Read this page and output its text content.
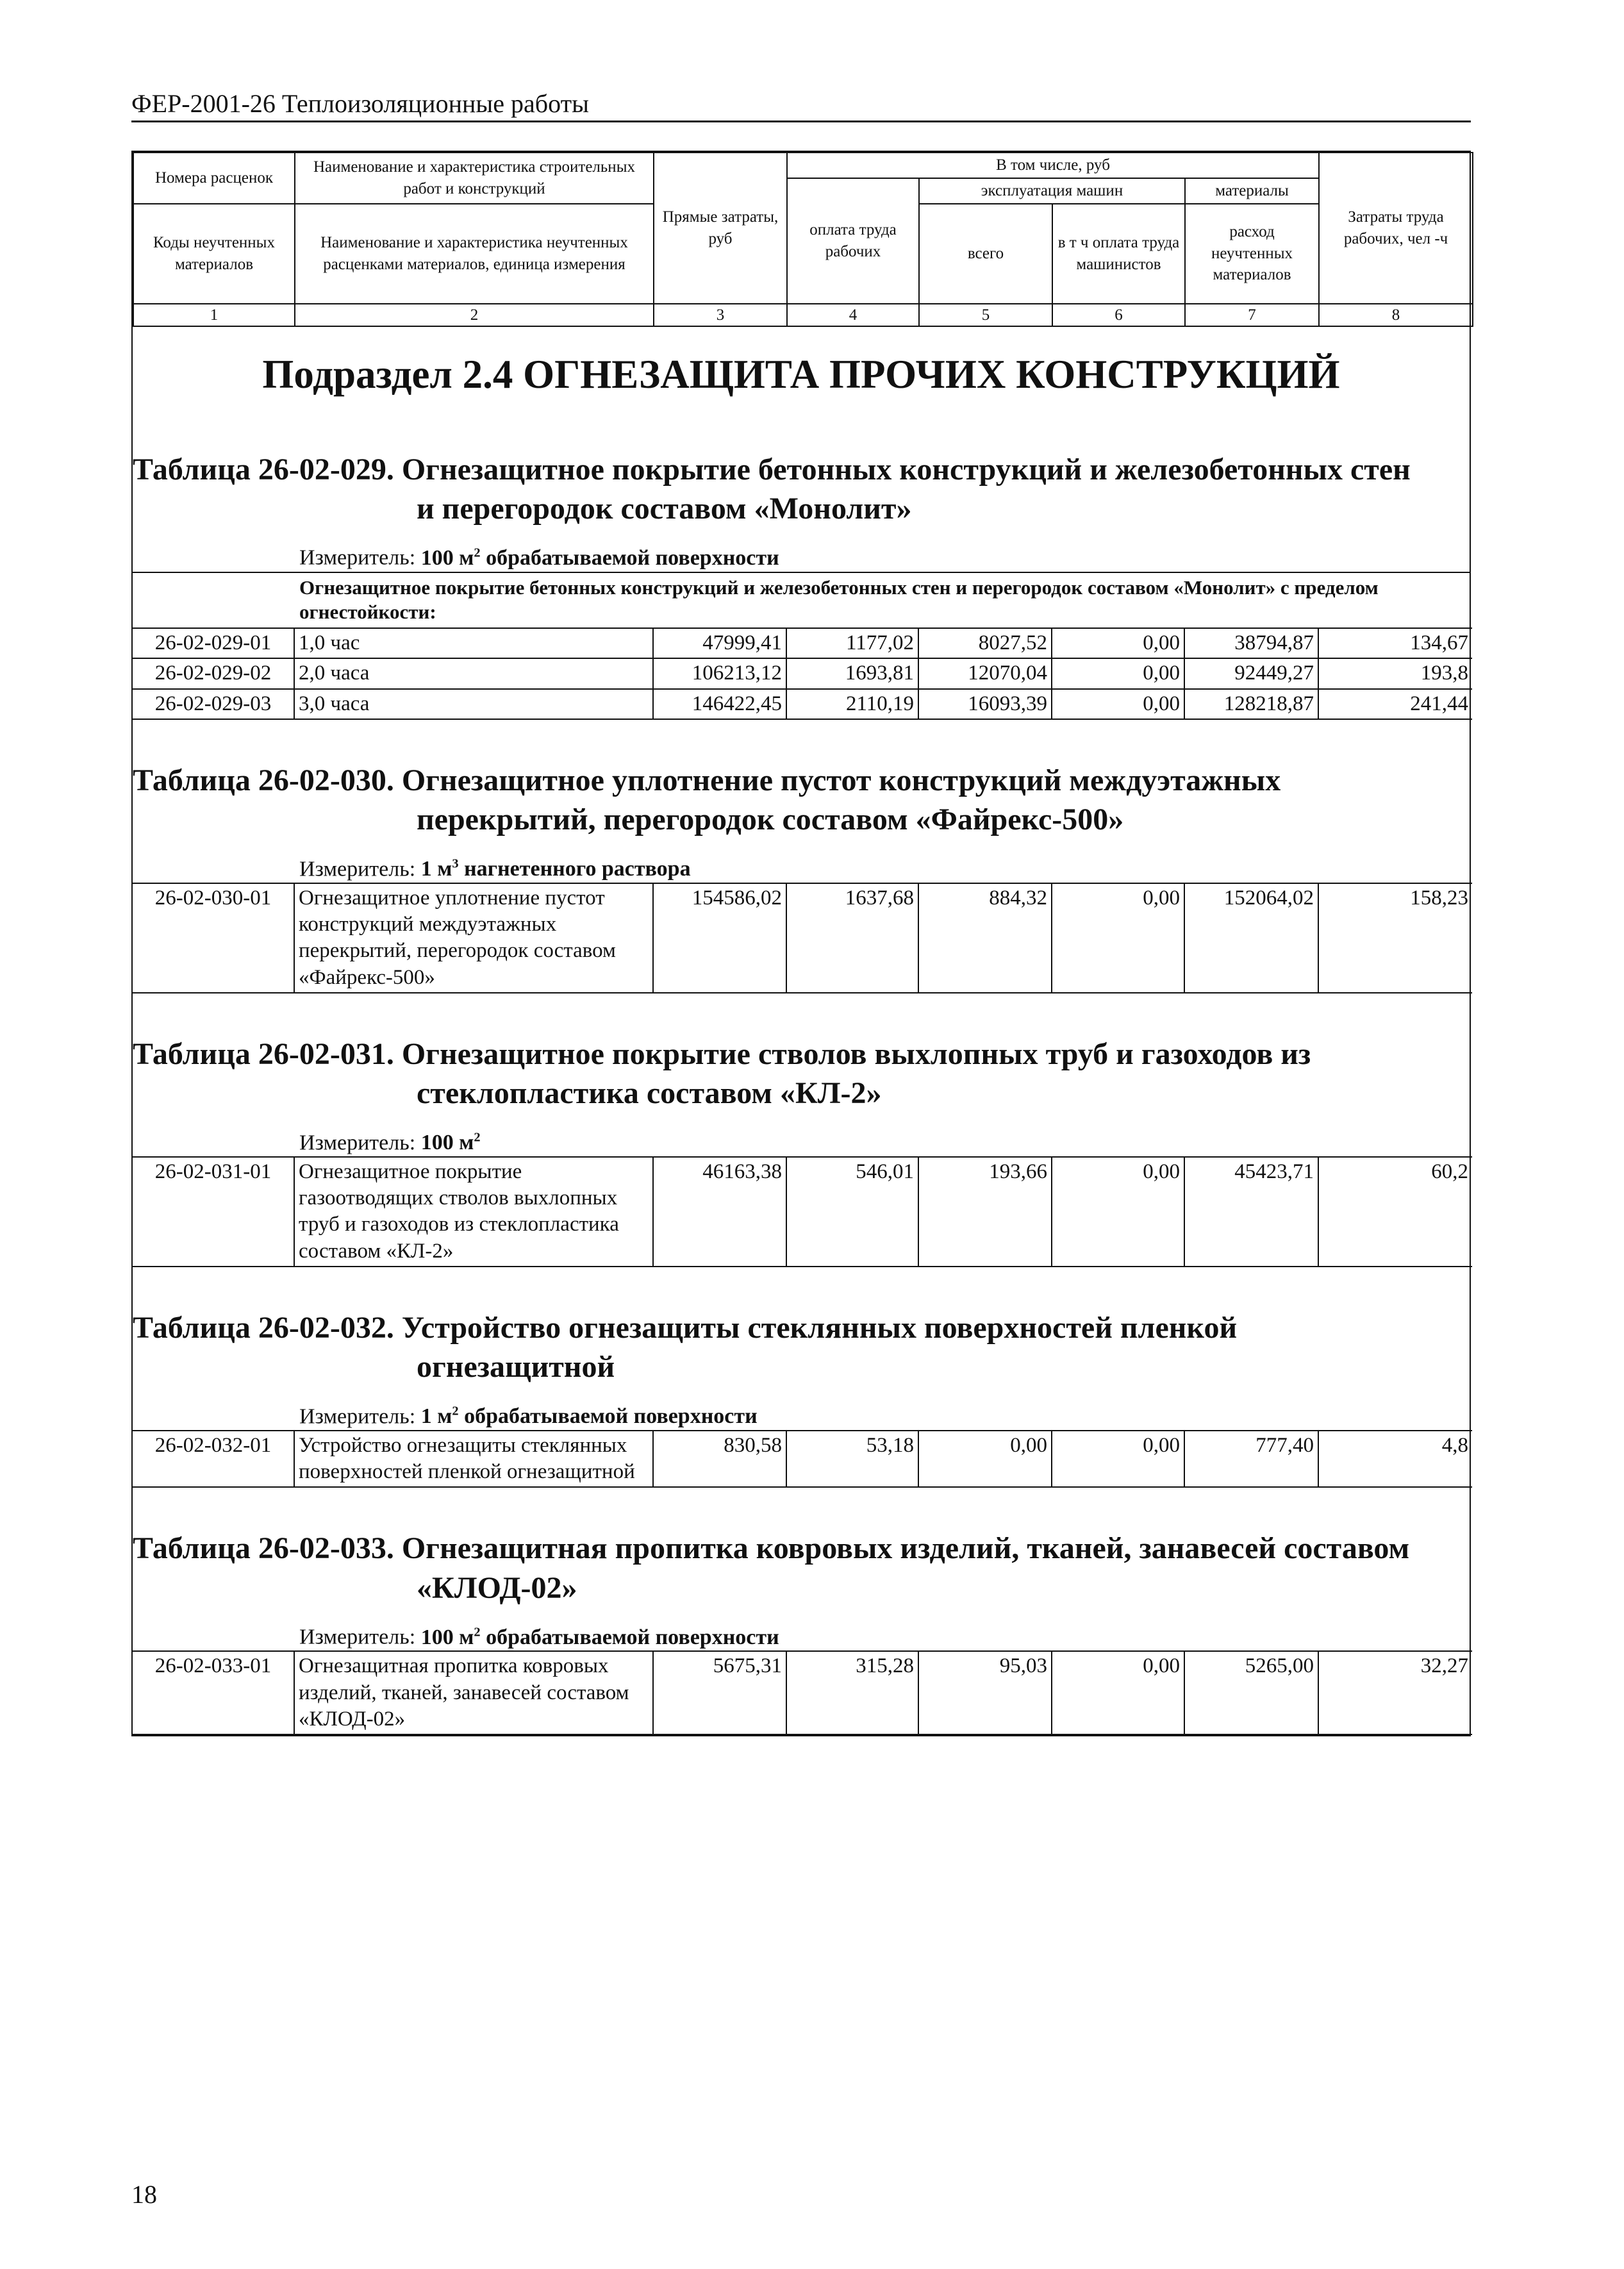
ФЕР-2001-26 Теплоизоляционные работы
Номера расценок	Наименование и характеристика строительных работ и конструкций	Прямые затраты, руб	В том числе, руб				Затраты труда рабочих, чел -ч
			оплата труда рабочих	эксплуатация машин		материалы	
Коды неучтенных материалов	Наименование и характеристика неучтенных расценками материалов, единица измерения			всего	в т ч оплата труда машинистов	расход неучтенных материалов	

1	2	3	4	5	6	7	8
Подраздел 2.4 ОГНЕЗАЩИТА ПРОЧИХ КОНСТРУКЦИЙ
Таблица 26-02-029. Огнезащитное покрытие бетонных конструкций и железобетонных стен
и перегородок составом «Монолит»
Измеритель: 100 $м^2$ обрабатываемой поверхности
Огнезащитное покрытие бетонных конструкций и железобетонных стен и перегородок составом «Монолит» с пределом огнестойкости:
26-02-029-01	1,0 час	47999,41	1177,02	8027,52	0,00	38794,87	134,67
26-02-029-02	2,0 часа	106213,12	1693,81	12070,04	0,00	92449,27	193,8
26-02-029-03	3,0 часа	146422,45	2110,19	16093,39	0,00	128218,87	241,44
Таблица 26-02-030. Огнезащитное уплотнение пустот конструкций междуэтажных
перекрытий, перегородок составом «Файрекс-500»
Измеритель: 1 $м^3$ нагнетенного раствора
26-02-030-01	Огнезащитное уплотнение пустот конструкций междуэтажных перекрытий, перегородок составом «Файрекс-500»	154586,02	1637,68	884,32	0,00	152064,02	158,23
Таблица 26-02-031. Огнезащитное покрытие стволов выхлопных труб и газоходов из
стеклопластика составом «КЛ-2»
Измеритель: 100 $м^2$
26-02-031-01	Огнезащитное покрытие газоотводящих стволов выхлопных труб и газоходов из стеклопластика составом «КЛ-2»	46163,38	546,01	193,66	0,00	45423,71	60,2
Таблица 26-02-032. Устройство огнезащиты стеклянных поверхностей пленкой
огнезащитной
Измеритель: 1 $м^2$ обрабатываемой поверхности
26-02-032-01	Устройство огнезащиты стеклянных поверхностей пленкой огнезащитной	830,58	53,18	0,00	0,00	777,40	4,8
Таблица 26-02-033. Огнезащитная пропитка ковровых изделий, тканей, занавесей составом
«КЛОД-02»
Измеритель: 100 $м^2$ обрабатываемой поверхности
26-02-033-01	Огнезащитная пропитка ковровых изделий, тканей, занавесей составом «КЛОД-02»	5675,31	315,28	95,03	0,00	5265,00	32,27
18
